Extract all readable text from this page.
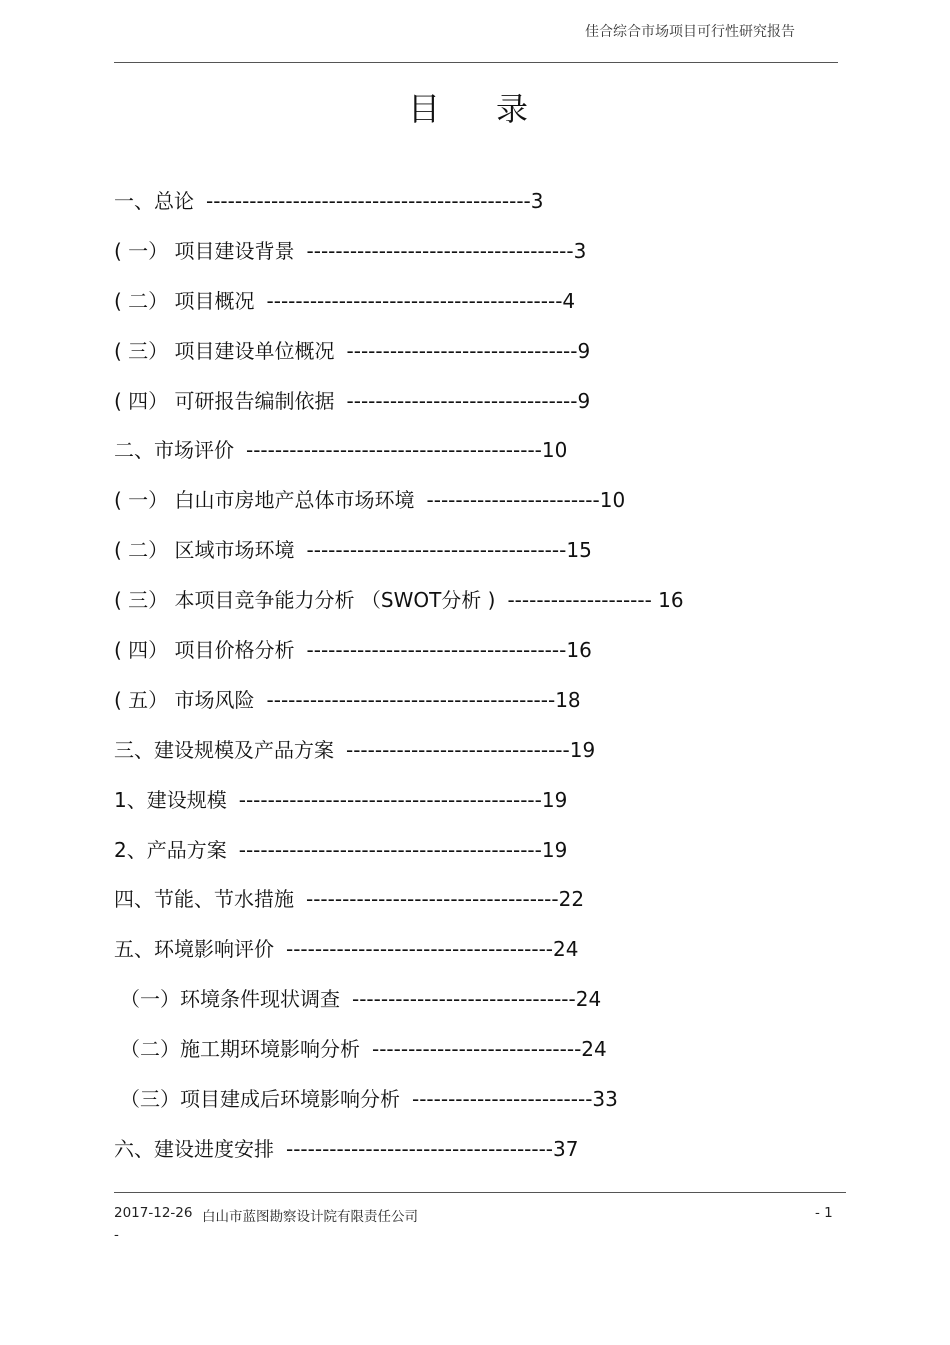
佳合综合市场项目可行性研究报告
目录
一、总论 ---------------------------------------------3
( 一） 项目建设背景 -------------------------------------3
( 二） 项目概况 -----------------------------------------4
( 三） 项目建设单位概况 --------------------------------9
( 四） 可研报告编制依据 --------------------------------9
二、市场评价 -----------------------------------------10
( 一） 白山市房地产总体市场环境 ------------------------10
( 二） 区域市场环境 ------------------------------------15
( 三） 本项目竞争能力分析 （SWOT分析 ) -------------------- 16
( 四） 项目价格分析 ------------------------------------16
( 五） 市场风险 ----------------------------------------18
三、建设规模及产品方案 -------------------------------19
1、建设规模 ------------------------------------------19
2、产品方案 ------------------------------------------19
四、节能、节水措施 -----------------------------------22
五、环境影响评价 -------------------------------------24
（一）环境条件现状调查 -------------------------------24
（二）施工期环境影响分析 -----------------------------24
（三）项目建成后环境影响分析 -------------------------33
六、建设进度安排 -------------------------------------37
2017-12-26 白山市蓝图勘察设计院有限责任公司	- 1
-
